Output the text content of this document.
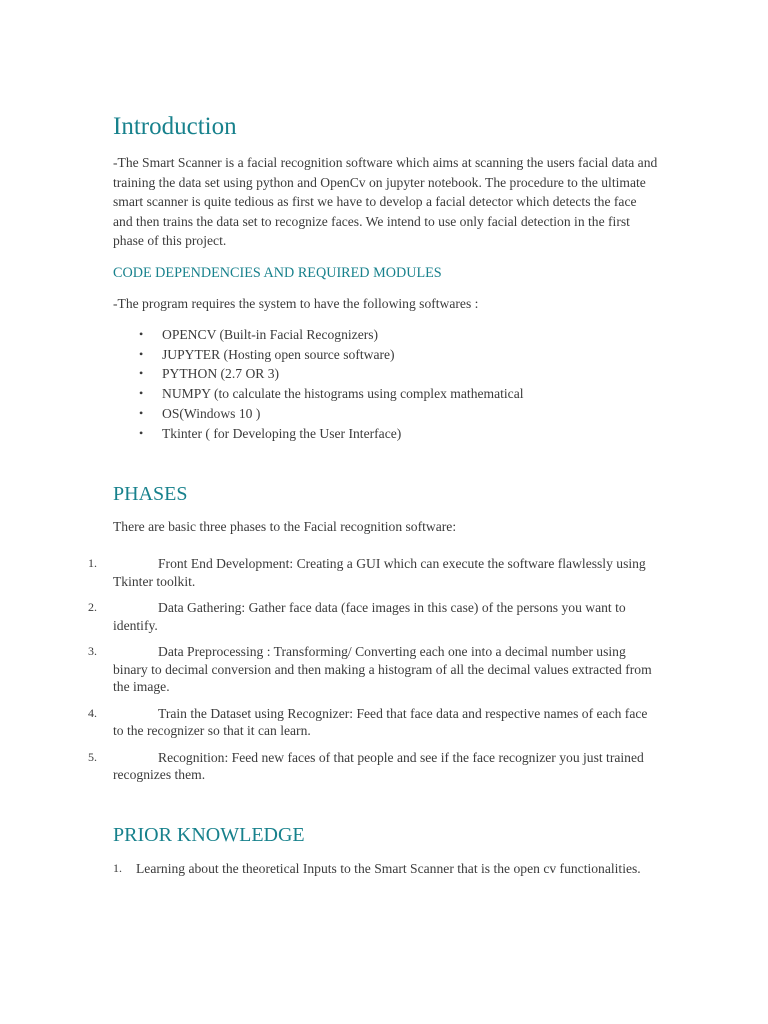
Introduction

-The Smart Scanner is a facial recognition software which aims at scanning the users facial data and training the data set using python and OpenCv on jupyter notebook. The procedure to the ultimate smart scanner is quite tedious as first we have to develop a facial detector which detects the face and then trains the data set to recognize faces. We intend to use only facial detection in the first phase of this project.

CODE DEPENDENCIES AND REQUIRED MODULES

-The program requires the system to have the following softwares :

• OPENCV (Built-in Facial Recognizers)
• JUPYTER (Hosting open source software)
• PYTHON (2.7 OR 3)
• NUMPY (to calculate the histograms using complex mathematical
• OS(Windows 10 )
• Tkinter ( for Developing the User Interface)
PHASES

There are basic three phases to the Facial recognition software:

1.	Front End Development: Creating a GUI which can execute the software flawlessly using Tkinter toolkit.
2.	Data Gathering: Gather face data (face images in this case) of the persons you want to identify.
3.	Data Preprocessing : Transforming/ Converting each one into a decimal number using binary to decimal conversion and then making a histogram of all the decimal values extracted from the image.
4.	Train the Dataset using Recognizer: Feed that face data and respective names of each face to the recognizer so that it can learn.
5.	Recognition: Feed new faces of that people and see if the face recognizer you just trained recognizes them.
PRIOR KNOWLEDGE
1. Learning about the theoretical Inputs to the Smart Scanner that is the open cv functionalities.
